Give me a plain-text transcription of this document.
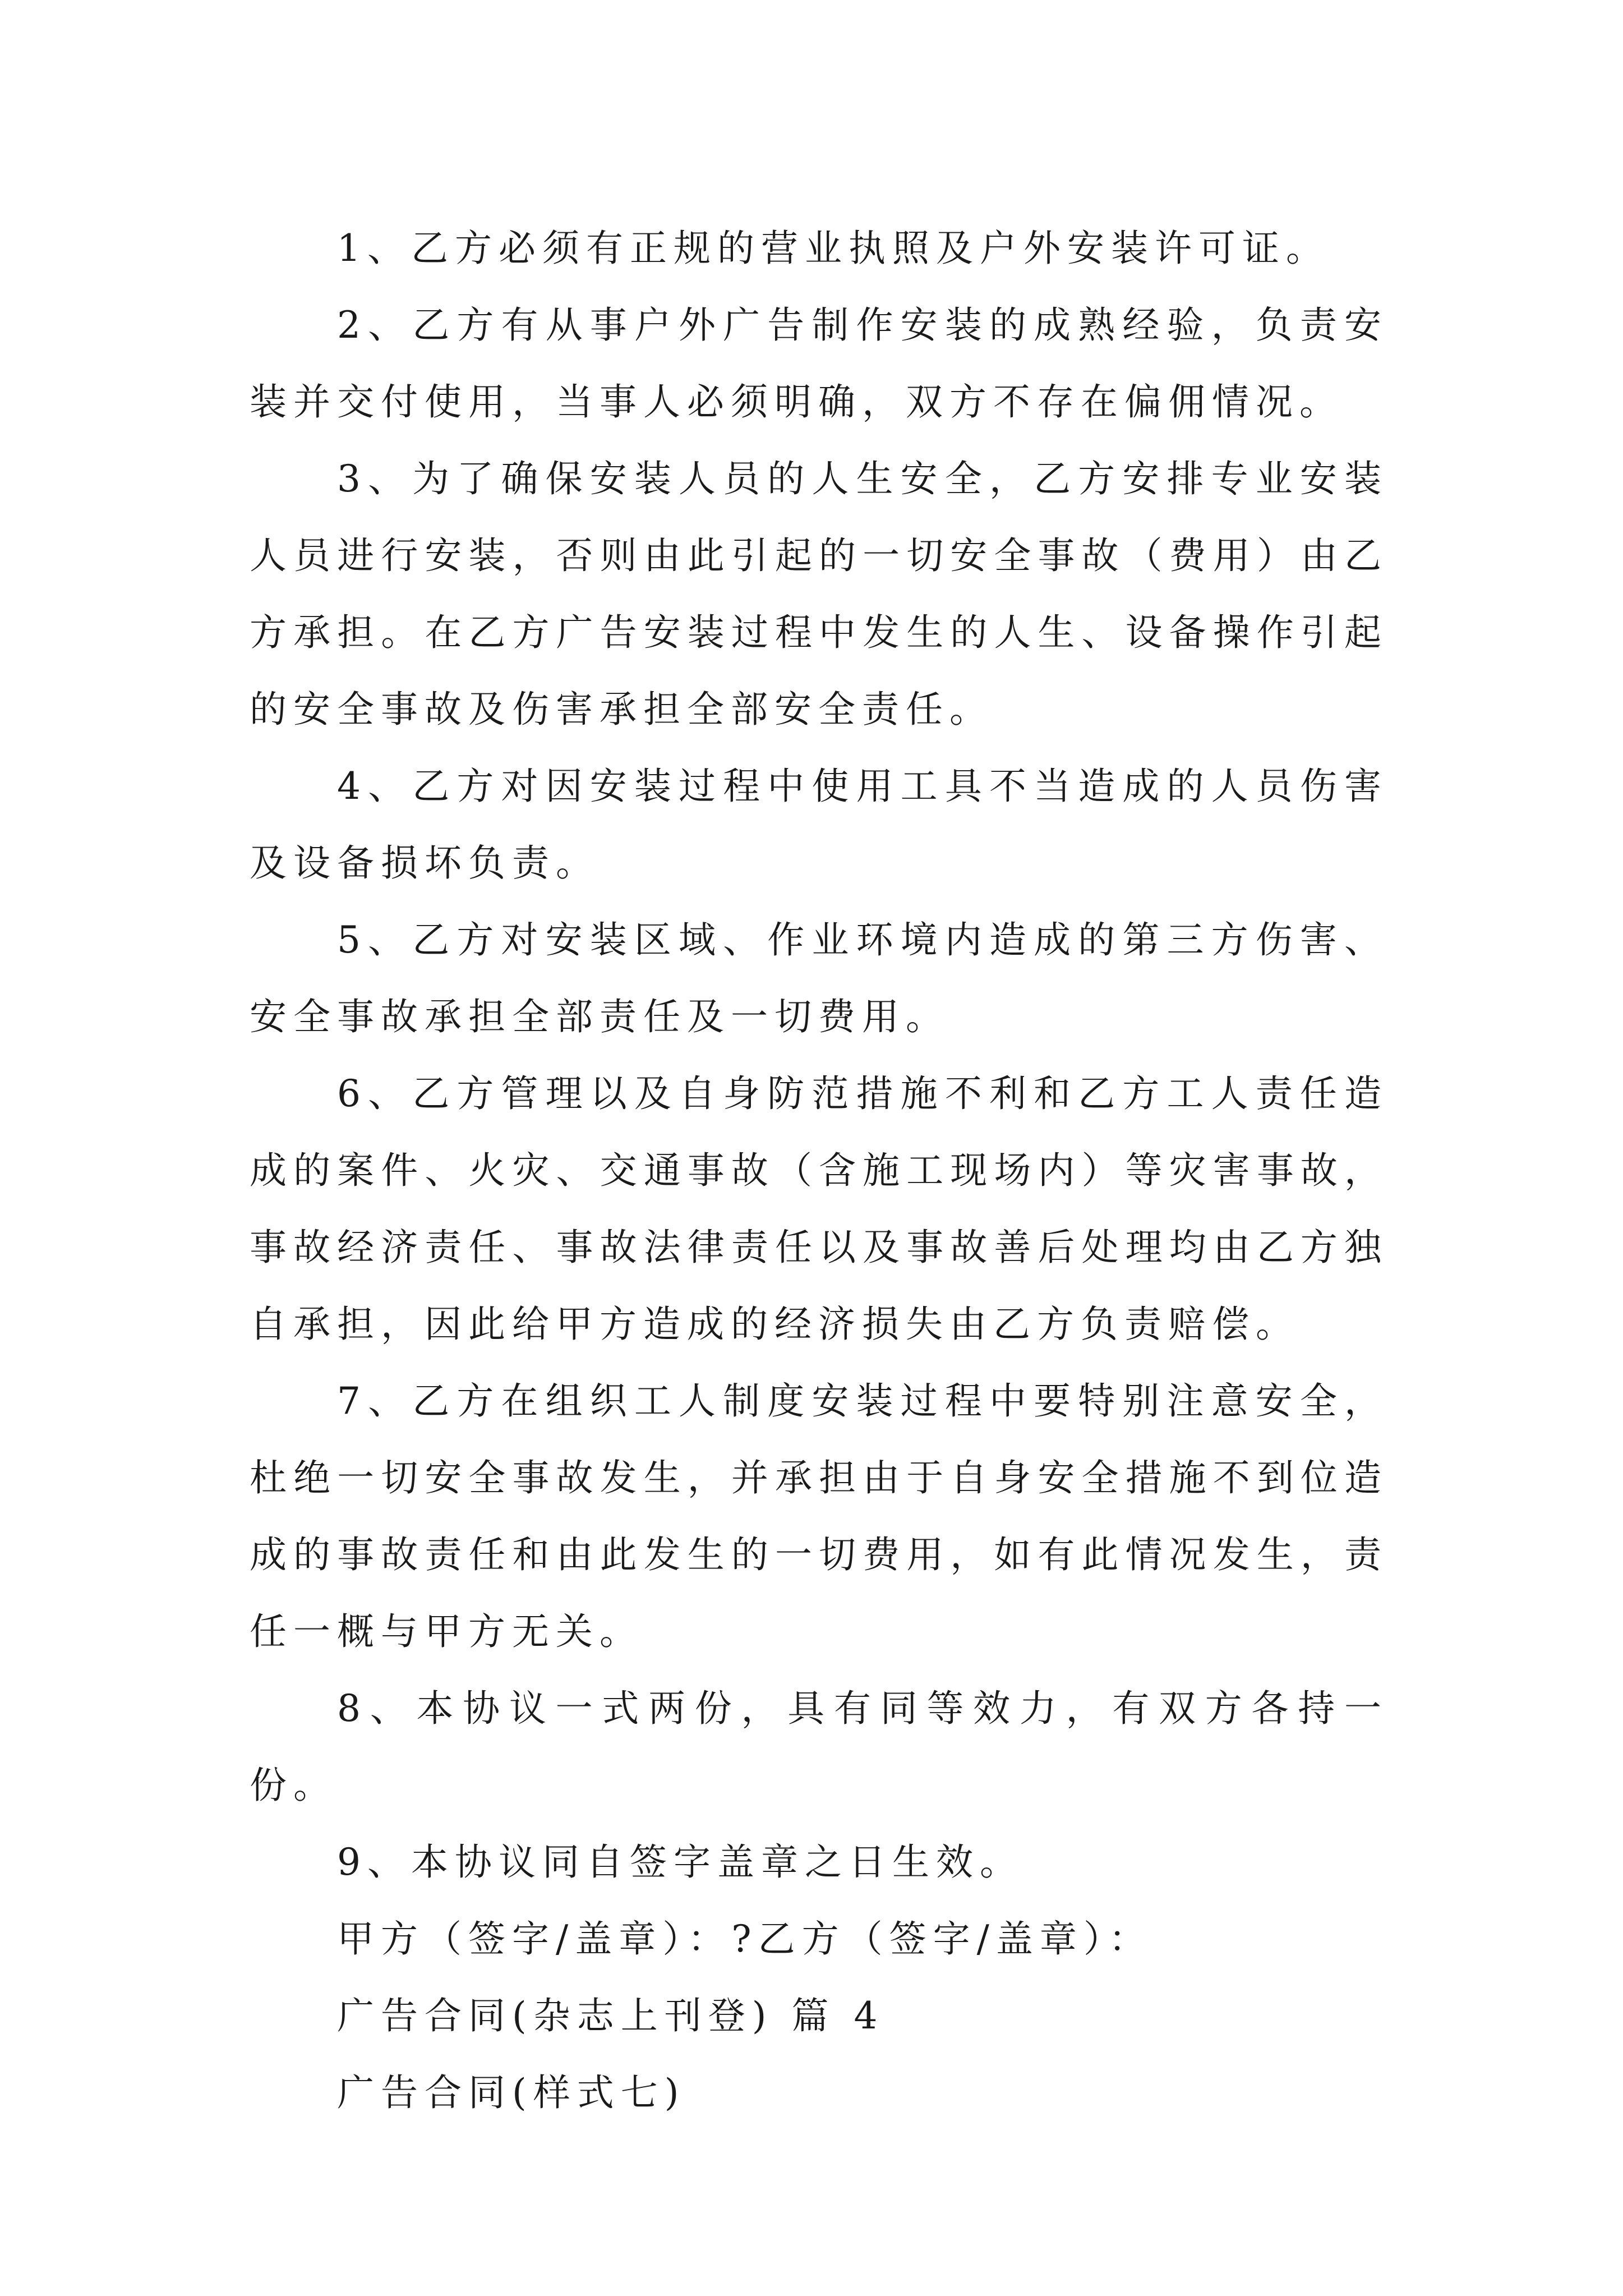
1、乙方必须有正规的营业执照及户外安装许可证。

2、乙方有从事户外广告制作安装的成熟经验，负责安装并交付使用，当事人必须明确，双方不存在偏佣情况。

3、为了确保安装人员的人生安全，乙方安排专业安装人员进行安装，否则由此引起的一切安全事故（费用）由乙方承担。在乙方广告安装过程中发生的人生、设备操作引起的安全事故及伤害承担全部安全责任。

4、乙方对因安装过程中使用工具不当造成的人员伤害及设备损坏负责。

5、乙方对安装区域、作业环境内造成的第三方伤害、安全事故承担全部责任及一切费用。

6、乙方管理以及自身防范措施不利和乙方工人责任造成的案件、火灾、交通事故（含施工现场内）等灾害事故，事故经济责任、事故法律责任以及事故善后处理均由乙方独自承担，因此给甲方造成的经济损失由乙方负责赔偿。

7、乙方在组织工人制度安装过程中要特别注意安全，杜绝一切安全事故发生，并承担由于自身安全措施不到位造成的事故责任和由此发生的一切费用，如有此情况发生，责任一概与甲方无关。

8、本协议一式两份，具有同等效力，有双方各持一份。

9、本协议同自签字盖章之日生效。

甲方（签字/盖章）：?乙方（签字/盖章）：

广告合同(杂志上刊登) 篇 4

广告合同(样式七)
